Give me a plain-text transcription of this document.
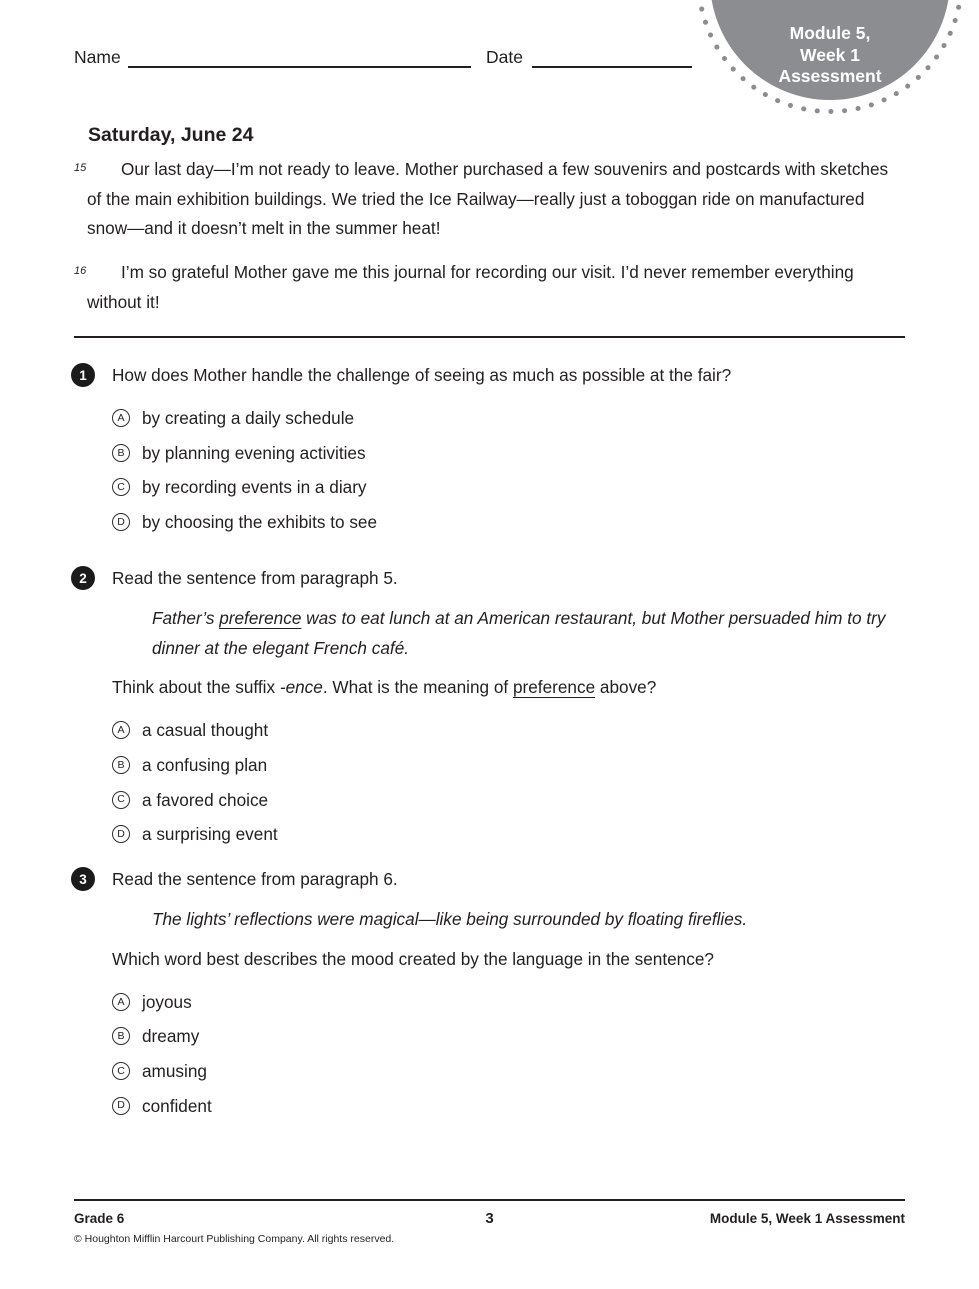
Module 5,
Week 1
Assessment
Name	Date
Saturday, June 24
15 Our last day—I’m not ready to leave. Mother purchased a few souvenirs and postcards with sketches of the main exhibition buildings. We tried the Ice Railway—really just a toboggan ride on manufactured snow—and it doesn’t melt in the summer heat!
16 I’m so grateful Mother gave me this journal for recording our visit. I’d never remember everything without it!
1	How does Mother handle the challenge of seeing as much as possible at the fair?
A	by creating a daily schedule
B	by planning evening activities
C	by recording events in a diary
D	by choosing the exhibits to see
2	Read the sentence from paragraph 5.
Father’s preference was to eat lunch at an American restaurant, but Mother persuaded him to try dinner at the elegant French café.
Think about the suffix -ence. What is the meaning of preference above?
A	a casual thought
B	a confusing plan
C	a favored choice
D	a surprising event
3	Read the sentence from paragraph 6.
The lights’ reflections were magical—like being surrounded by floating fireflies.
Which word best describes the mood created by the language in the sentence?
A	joyous
B	dreamy
C	amusing
D	confident
Grade 6	3	Module 5, Week 1 Assessment
© Houghton Mifflin Harcourt Publishing Company. All rights reserved.
